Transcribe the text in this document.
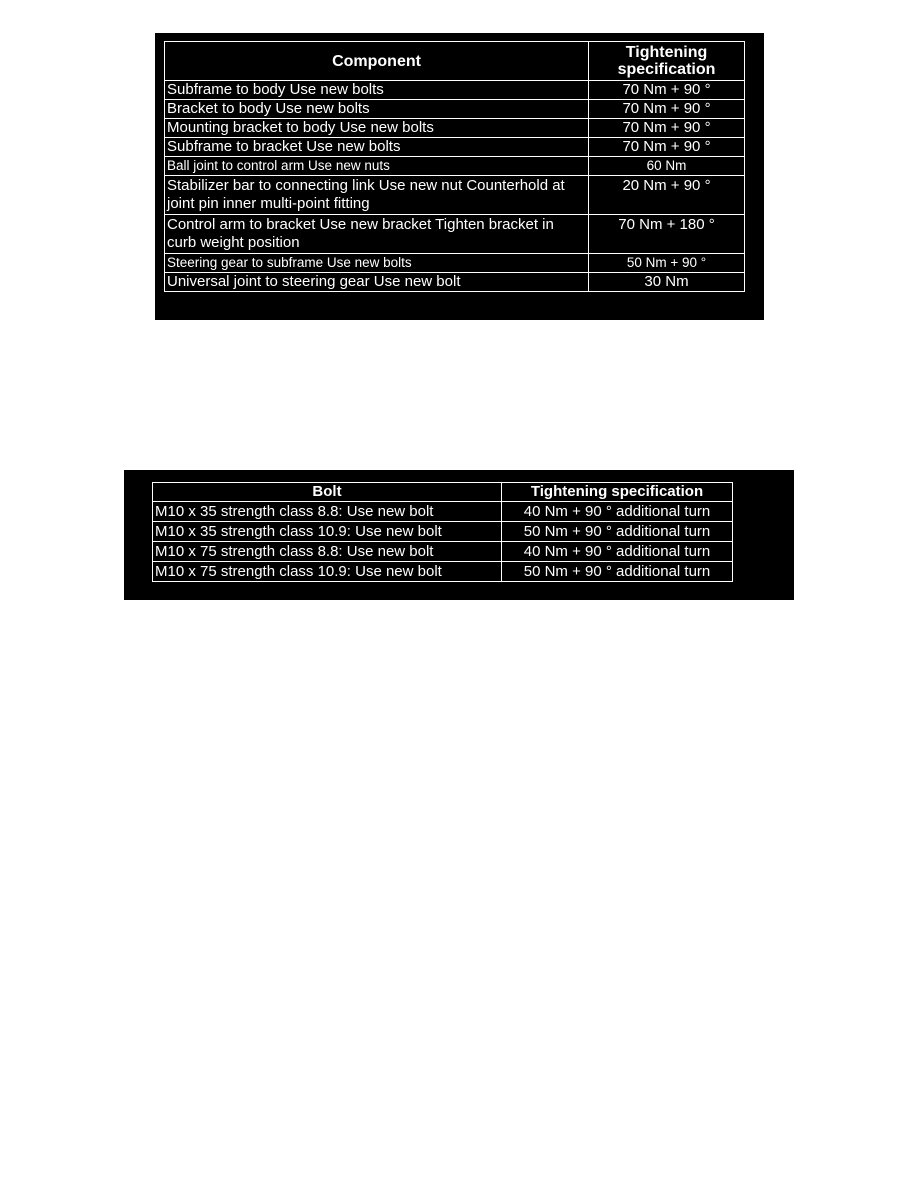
Component	Tightening specification
Subframe to body Use new bolts	70 Nm + 90 °
Bracket to body Use new bolts	70 Nm + 90 °
Mounting bracket to body Use new bolts	70 Nm + 90 °
Subframe to bracket Use new bolts	70 Nm + 90 °
Ball joint to control arm Use new nuts	60 Nm
Stabilizer bar to connecting link Use new nut Counterhold at joint pin inner multi-point fitting	20 Nm + 90 °
Control arm to bracket Use new bracket Tighten bracket in curb weight position	70 Nm + 180 °
Steering gear to subframe Use new bolts	50 Nm + 90 °
Universal joint to steering gear Use new bolt	30 Nm
Bolt	Tightening specification
M10 x 35 strength class 8.8: Use new bolt	40 Nm + 90 ° additional turn
M10 x 35 strength class 10.9: Use new bolt	50 Nm + 90 ° additional turn
M10 x 75 strength class 8.8: Use new bolt	40 Nm + 90 ° additional turn
M10 x 75 strength class 10.9: Use new bolt	50 Nm + 90 ° additional turn
